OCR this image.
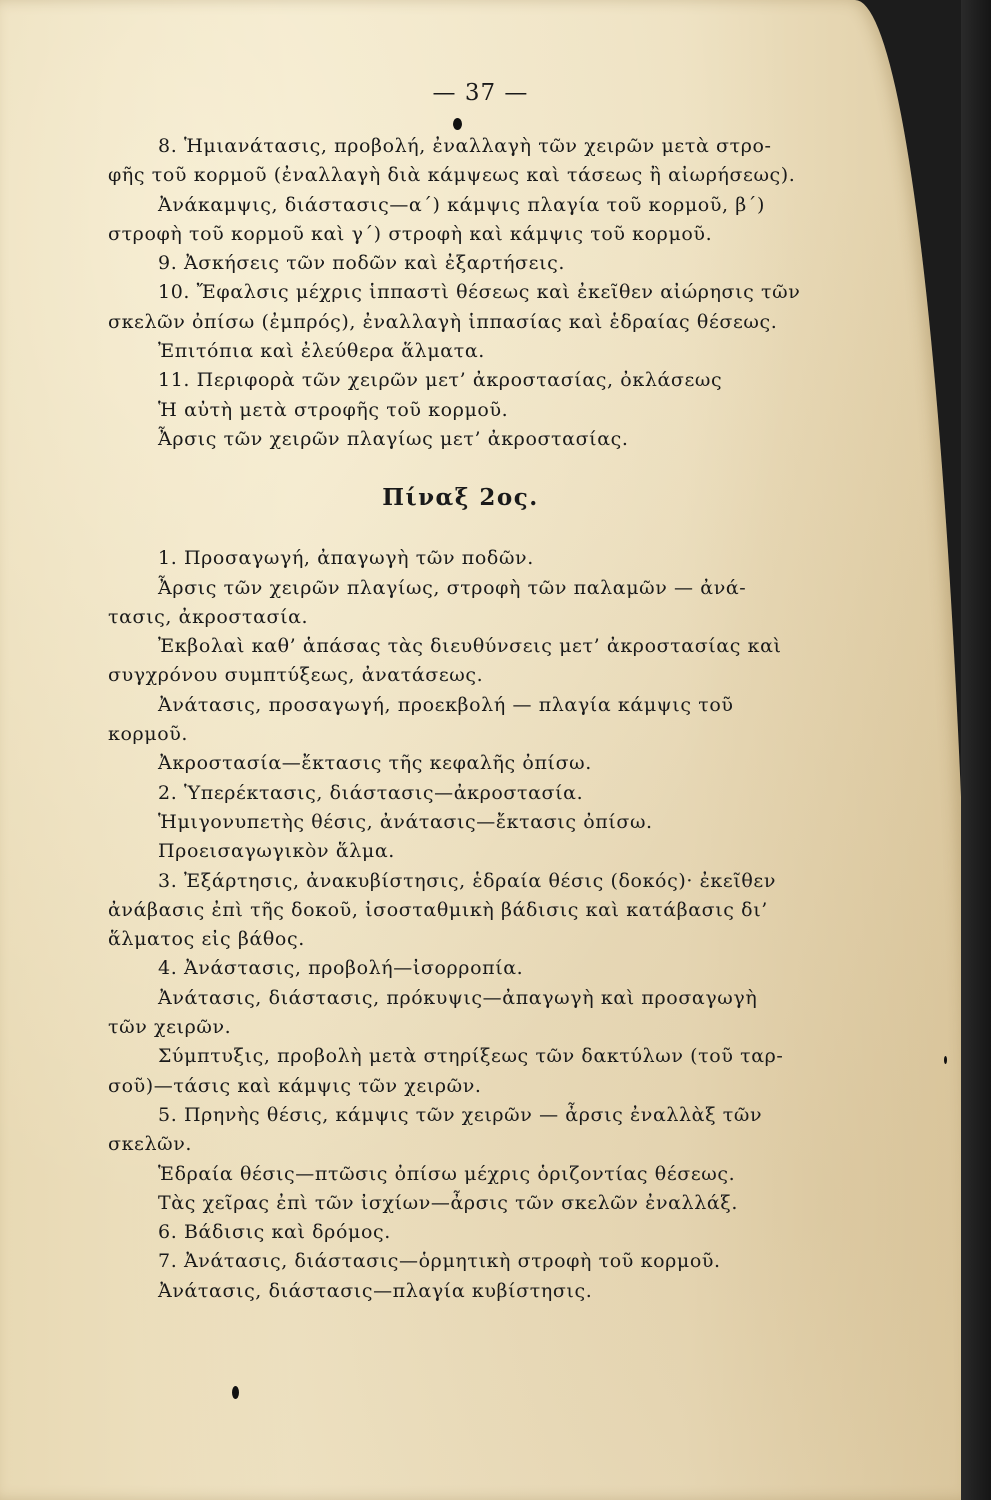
— 37 —
8. Ἡμιανάτασις, προβολή, ἐναλλαγὴ τῶν χειρῶν μετὰ στρο-
φῆς τοῦ κορμοῦ (ἐναλλαγὴ διὰ κάμψεως καὶ τάσεως ἢ αἰωρήσεως).
Ἀνάκαμψις, διάστασις—α΄) κάμψις πλαγία τοῦ κορμοῦ, β΄)
στροφὴ τοῦ κορμοῦ καὶ γ΄) στροφὴ καὶ κάμψις τοῦ κορμοῦ.
9. Ἀσκήσεις τῶν ποδῶν καὶ ἐξαρτήσεις.
10. Ἔφαλσις μέχρις ἱππαστὶ θέσεως καὶ ἐκεῖθεν αἰώρησις τῶν
σκελῶν ὀπίσω (ἐμπρός), ἐναλλαγὴ ἱππασίας καὶ ἑδραίας θέσεως.
Ἐπιτόπια καὶ ἐλεύθερα ἅλματα.
11. Περιφορὰ τῶν χειρῶν μετ’ ἀκροστασίας, ὀκλάσεως
Ἡ αὐτὴ μετὰ στροφῆς τοῦ κορμοῦ.
Ἆρσις τῶν χειρῶν πλαγίως μετ’ ἀκροστασίας.
Πίναξ 2ος.
1. Προσαγωγή, ἀπαγωγὴ τῶν ποδῶν.
Ἆρσις τῶν χειρῶν πλαγίως, στροφὴ τῶν παλαμῶν — ἀνά-
τασις, ἀκροστασία.
Ἐκβολαὶ καθ’ ἁπάσας τὰς διευθύνσεις μετ’ ἀκροστασίας καὶ
συγχρόνου συμπτύξεως, ἀνατάσεως.
Ἀνάτασις, προσαγωγή, προεκβολή — πλαγία κάμψις τοῦ
κορμοῦ.
Ἀκροστασία—ἔκτασις τῆς κεφαλῆς ὀπίσω.
2. Ὑπερέκτασις, διάστασις—ἀκροστασία.
Ἡμιγονυπετὴς θέσις, ἀνάτασις—ἔκτασις ὀπίσω.
Προεισαγωγικὸν ἅλμα.
3. Ἐξάρτησις, ἀνακυβίστησις, ἑδραία θέσις (δοκός)· ἐκεῖθεν
ἀνάβασις ἐπὶ τῆς δοκοῦ, ἰσοσταθμικὴ βάδισις καὶ κατάβασις δι’
ἅλματος εἰς βάθος.
4. Ἀνάστασις, προβολή—ἰσορροπία.
Ἀνάτασις, διάστασις, πρόκυψις—ἀπαγωγὴ καὶ προσαγωγὴ
τῶν χειρῶν.
Σύμπτυξις, προβολὴ μετὰ στηρίξεως τῶν δακτύλων (τοῦ ταρ-
σοῦ)—τάσις καὶ κάμψις τῶν χειρῶν.
5. Πρηνὴς θέσις, κάμψις τῶν χειρῶν — ἆρσις ἐναλλὰξ τῶν
σκελῶν.
Ἑδραία θέσις—πτῶσις ὀπίσω μέχρις ὁριζοντίας θέσεως.
Τὰς χεῖρας ἐπὶ τῶν ἰσχίων—ἆρσις τῶν σκελῶν ἐναλλάξ.
6. Βάδισις καὶ δρόμος.
7. Ἀνάτασις, διάστασις—ὁρμητικὴ στροφὴ τοῦ κορμοῦ.
Ἀνάτασις, διάστασις—πλαγία κυβίστησις.
